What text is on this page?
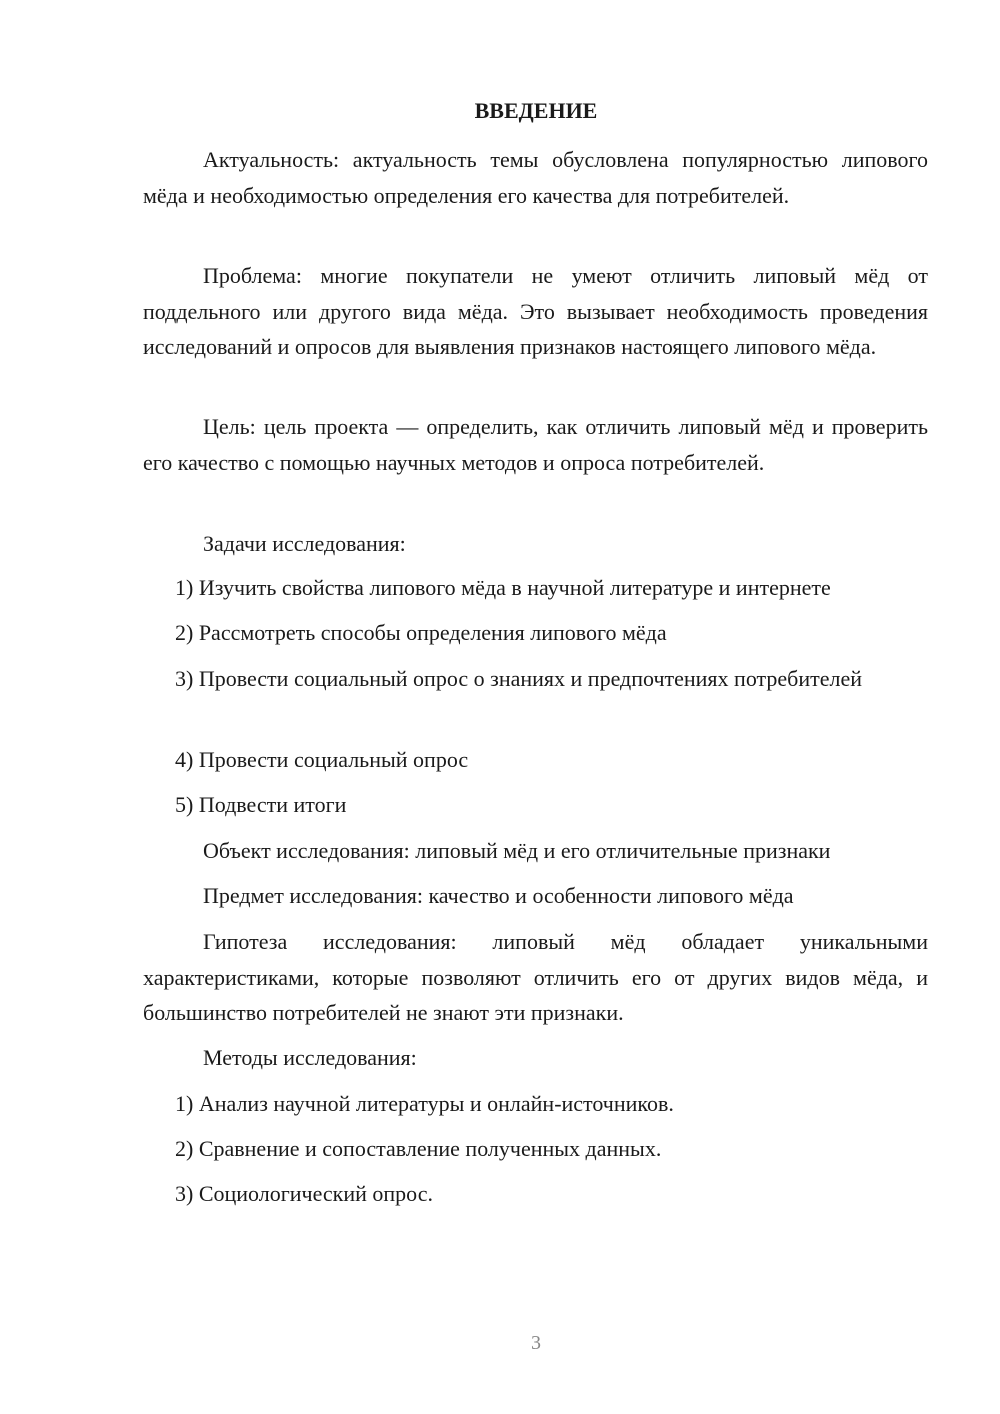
ВВЕДЕНИЕ

Актуальность: актуальность темы обусловлена популярностью липового мёда и необходимостью определения его качества для потребителей.

Проблема: многие покупатели не умеют отличить липовый мёд от поддельного или другого вида мёда. Это вызывает необходимость проведения исследований и опросов для выявления признаков настоящего липового мёда.

Цель: цель проекта — определить, как отличить липовый мёд и проверить его качество с помощью научных методов и опроса потребителей.

Задачи исследования:

1) Изучить свойства липового мёда в научной литературе и интернете

2) Рассмотреть способы определения липового мёда

3) Провести социальный опрос о знаниях и предпочтениях потребителей

4) Провести социальный опрос

5) Подвести итоги

Объект исследования: липовый мёд и его отличительные признаки

Предмет исследования: качество и особенности липового мёда

Гипотеза исследования: липовый мёд обладает уникальными характеристиками, которые позволяют отличить его от других видов мёда, и большинство потребителей не знают эти признаки.

Методы исследования:

1) Анализ научной литературы и онлайн-источников.

2) Сравнение и сопоставление полученных данных.

3) Социологический опрос.

3
